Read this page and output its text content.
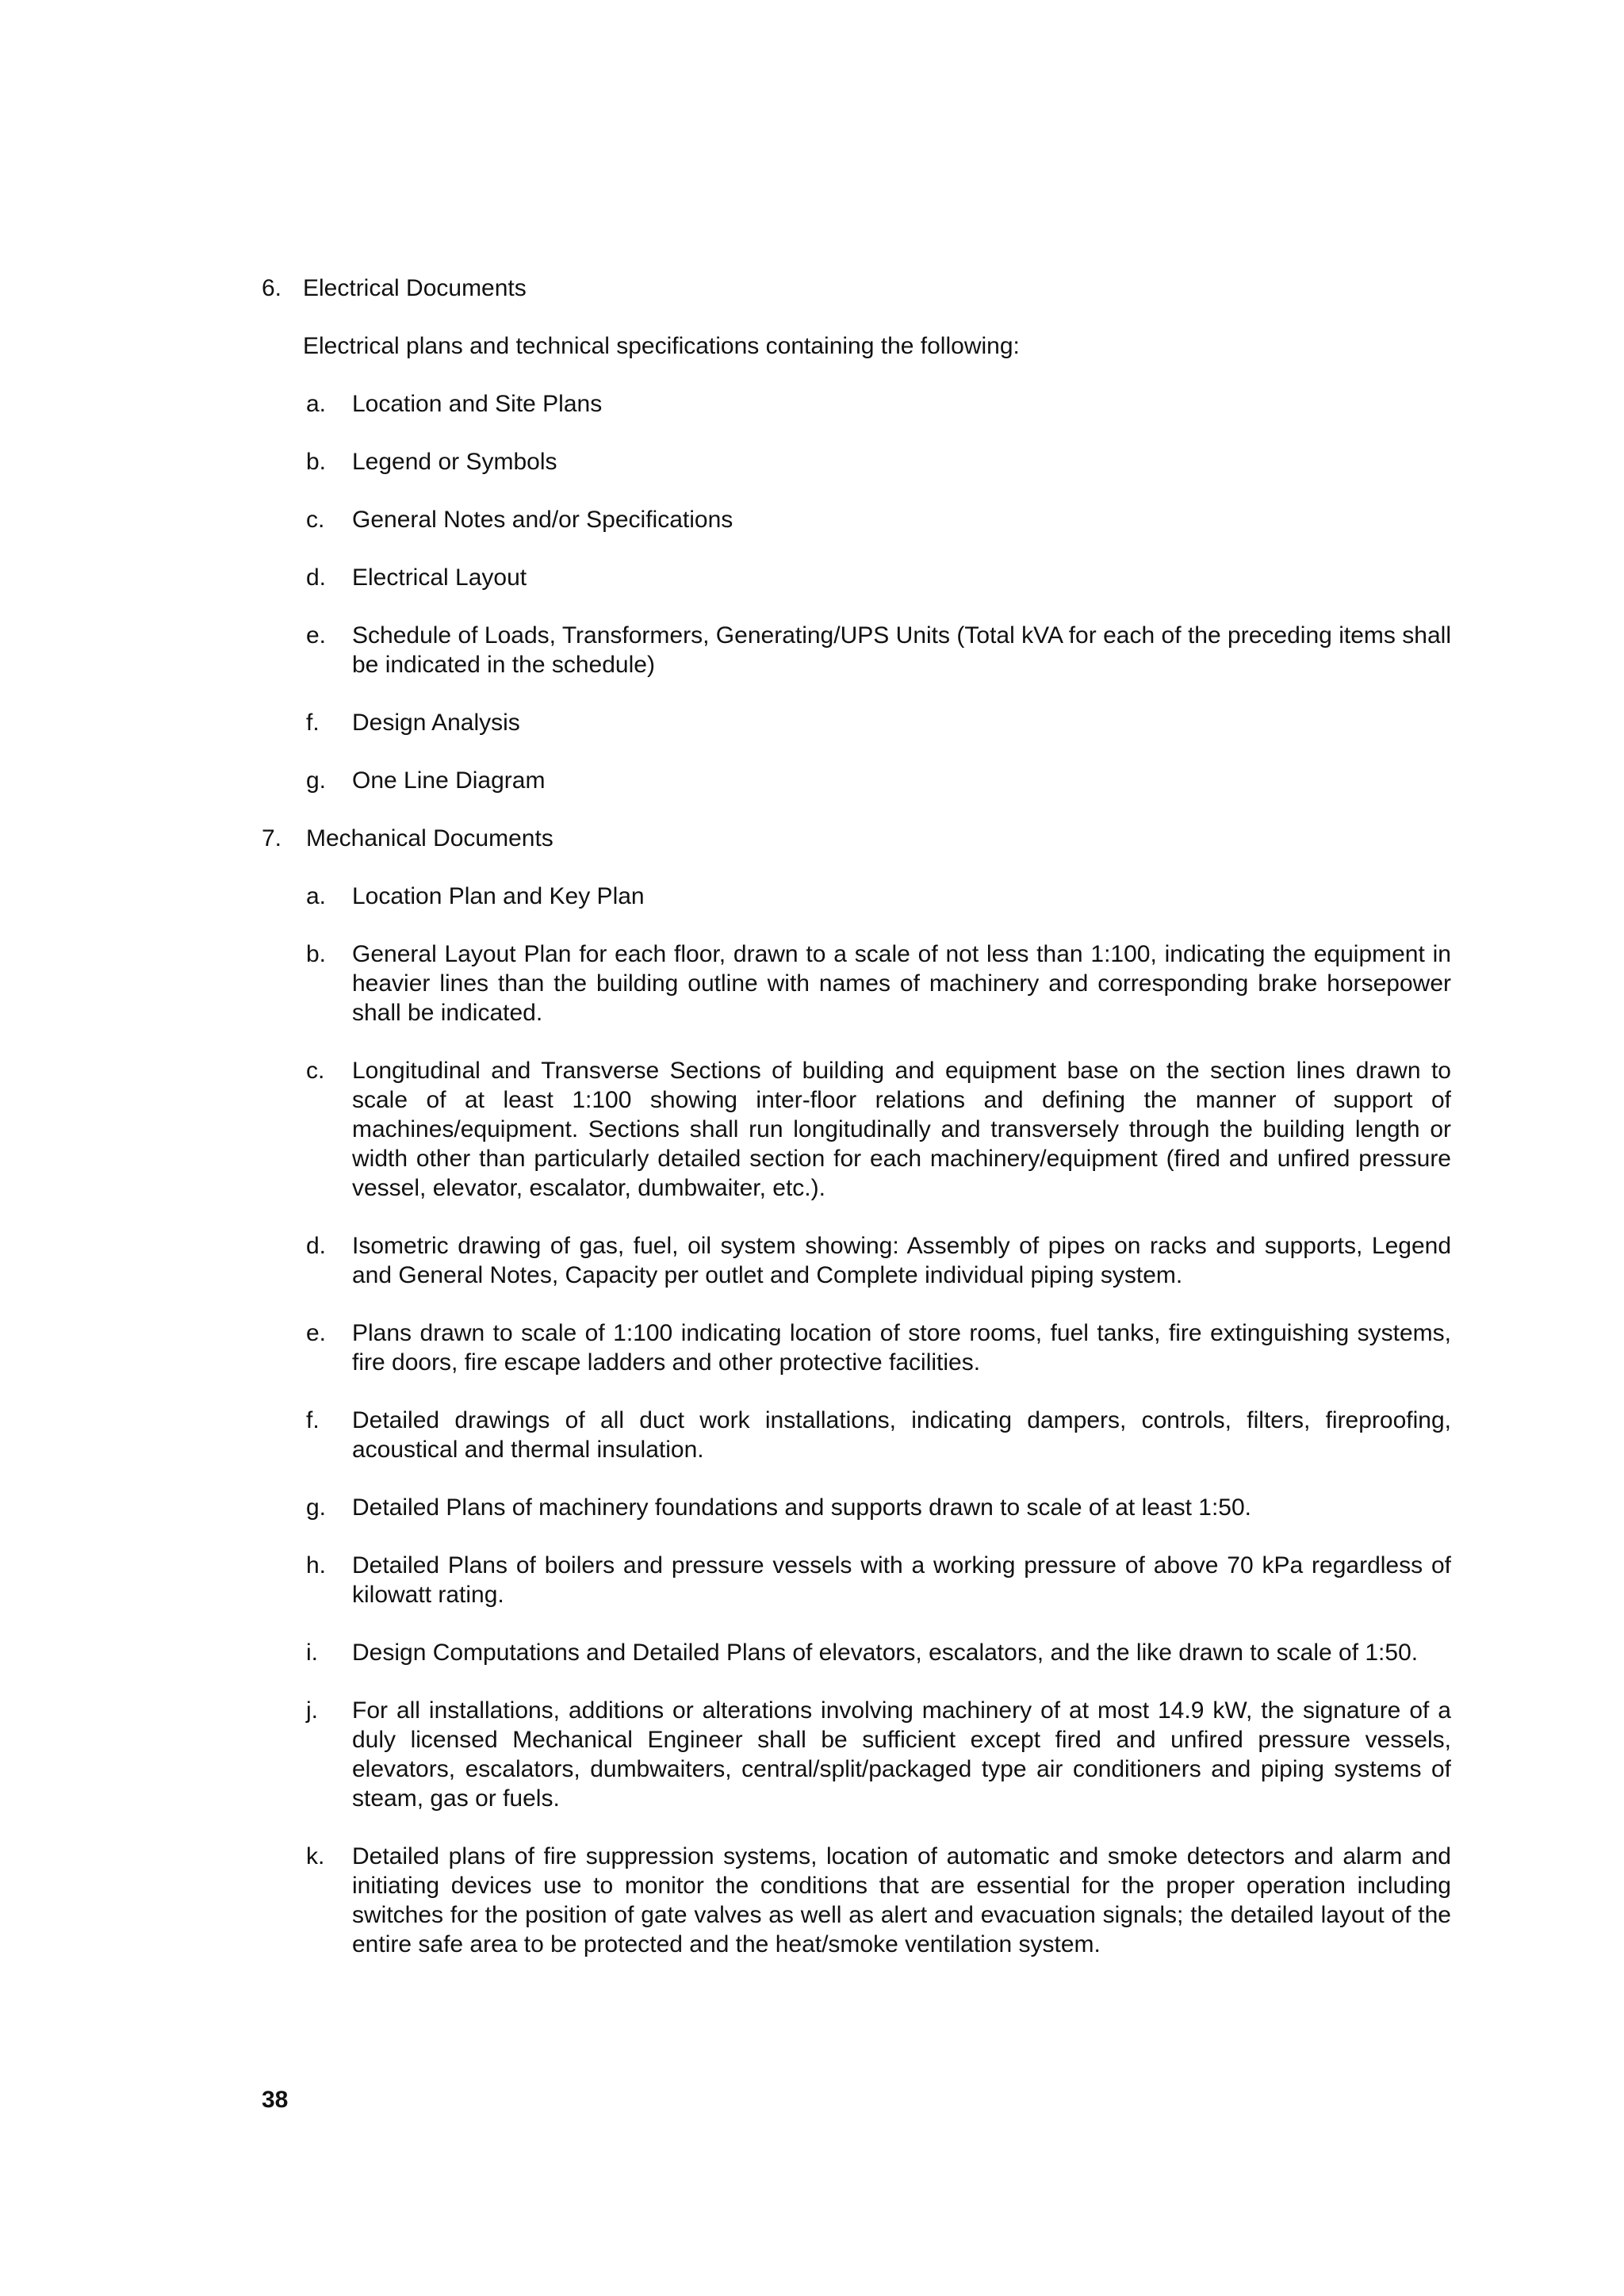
6. Electrical Documents
Electrical plans and technical specifications containing the following:
a.	Location and Site Plans
b.	Legend or Symbols
c.	General Notes and/or Specifications
d.	Electrical Layout
e.	Schedule of Loads, Transformers, Generating/UPS Units (Total kVA for each of the preceding items shall be indicated in the schedule)
f.	Design Analysis
g.	One Line Diagram
7.	Mechanical Documents
a.	Location Plan and Key Plan
b.	General Layout Plan for each floor, drawn to a scale of not less than 1:100, indicating the equipment in heavier lines than the building outline with names of machinery and corresponding brake horsepower shall be indicated.
c.	Longitudinal and Transverse Sections of building and equipment base on the section lines drawn to scale of at least 1:100 showing inter-floor relations and defining the manner of support of machines/equipment. Sections shall run longitudinally and transversely through the building length or width other than particularly detailed section for each machinery/equipment (fired and unfired pressure vessel, elevator, escalator, dumbwaiter, etc.).
d.	Isometric drawing of gas, fuel, oil system showing: Assembly of pipes on racks and supports, Legend and General Notes, Capacity per outlet and Complete individual piping system.
e.	Plans drawn to scale of 1:100 indicating location of store rooms, fuel tanks, fire extinguishing systems, fire doors, fire escape ladders and other protective facilities.
f.	Detailed drawings of all duct work installations, indicating dampers, controls, filters, fireproofing, acoustical and thermal insulation.
g.	Detailed Plans of machinery foundations and supports drawn to scale of at least 1:50.
h.	Detailed Plans of boilers and pressure vessels with a working pressure of above 70 kPa regardless of kilowatt rating.
i.	Design Computations and Detailed Plans of elevators, escalators, and the like drawn to scale of 1:50.
j.	For all installations, additions or alterations involving machinery of at most 14.9 kW, the signature of a duly licensed Mechanical Engineer shall be sufficient except fired and unfired pressure vessels, elevators, escalators, dumbwaiters, central/split/packaged type air conditioners and piping systems of steam, gas or fuels.
k.	Detailed plans of fire suppression systems, location of automatic and smoke detectors and alarm and initiating devices use to monitor the conditions that are essential for the proper operation including switches for the position of gate valves as well as alert and evacuation signals; the detailed layout of the entire safe area to be protected and the heat/smoke ventilation system.
38
